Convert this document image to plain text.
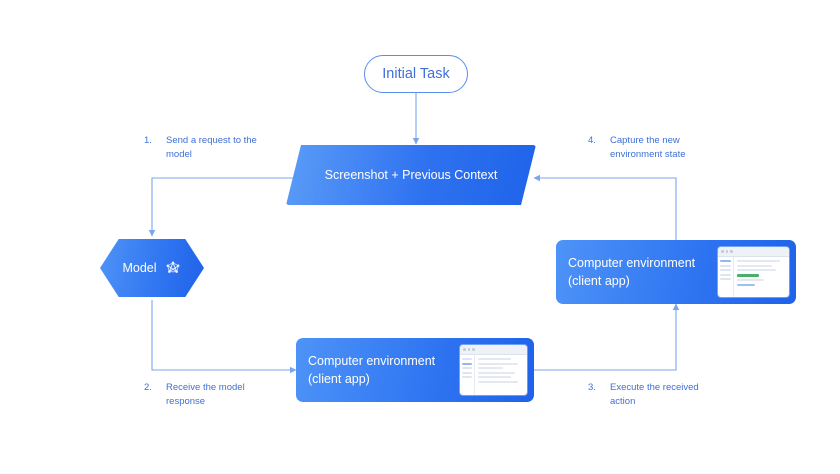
Initial Task
Screenshot + Previous Context
Model	Computer environment (client app)
Computer environment (client app)
1. Send a request to the model
2. Receive the model response
3. Execute the received action
4. Capture the new environment state
